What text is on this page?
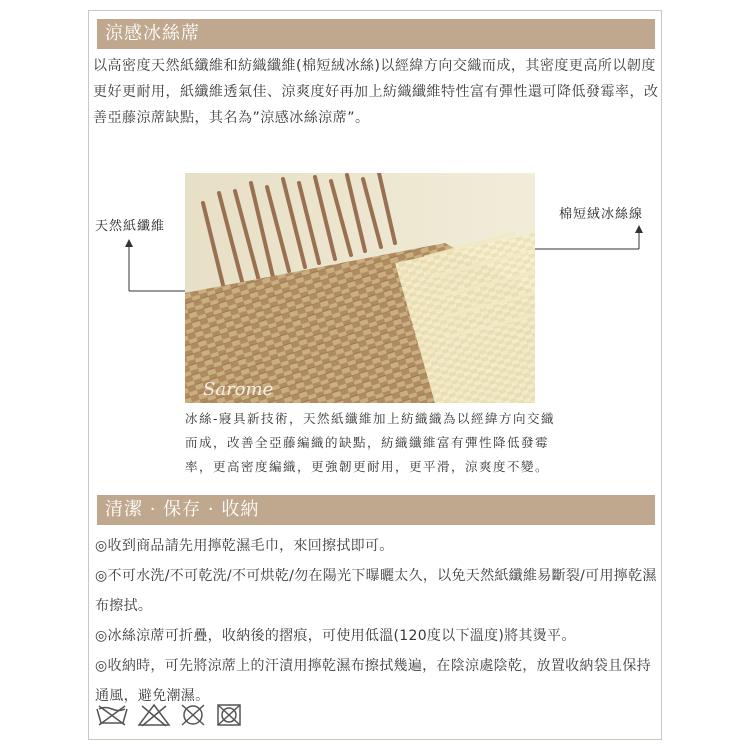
涼感冰絲蓆
以高密度天然紙纖維和紡織纖維(棉短絨冰絲)以經緯方向交織而成，其密度更高所以韌度更好更耐用，紙纖維透氣佳、涼爽度好再加上紡織纖維特性富有彈性還可降低發霉率，改善亞藤涼蓆缺點，其名為”涼感冰絲涼蓆”。
天然紙纖維
棉短絨冰絲線
Sarome
冰絲-寢具新技術，天然紙纖維加上紡織織為以經緯方向交織而成，改善全亞藤編織的缺點，紡織纖維富有彈性降低發霉率，更高密度編織，更強韌更耐用，更平滑，涼爽度不變。
清潔 · 保存 · 收納

◎收到商品請先用擰乾濕毛巾，來回擦拭即可。

◎不可水洗/不可乾洗/不可烘乾/勿在陽光下曝曬太久，以免天然紙纖維易斷裂/可用擰乾濕布擦拭。

◎冰絲涼蓆可折疊，收納後的摺痕，可使用低溫(120度以下溫度)將其燙平。

◎收納時，可先將涼蓆上的汗漬用擰乾濕布擦拭幾遍，在陰涼處陰乾，放置收納袋且保持通風，避免潮濕。
